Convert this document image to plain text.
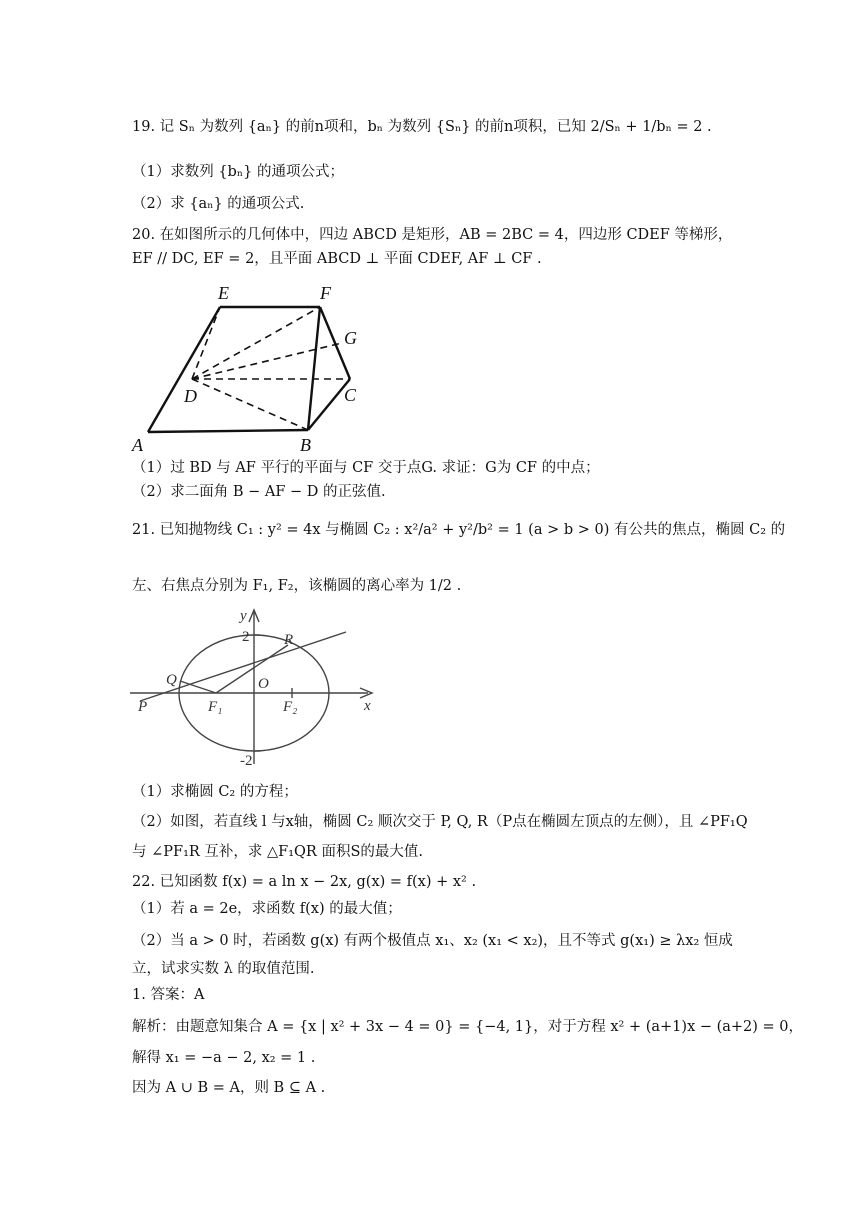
19. 记 Sₙ 为数列 {aₙ} 的前n项和，bₙ 为数列 {Sₙ} 的前n项积，已知 2/Sₙ + 1/bₙ = 2 .
（1）求数列 {bₙ} 的通项公式；
（2）求 {aₙ} 的通项公式.
20. 在如图所示的几何体中，四边 ABCD 是矩形，AB = 2BC = 4，四边形 CDEF 等梯形，
EF // DC, EF = 2，且平面 ABCD ⊥ 平面 CDEF, AF ⊥ CF .
E	F
G
D	C
A	B
（1）过 BD 与 AF 平行的平面与 CF 交于点G. 求证：G为 CF 的中点；
（2）求二面角 B − AF − D 的正弦值.
21. 已知抛物线 C₁ : y² = 4x 与椭圆 C₂ : x²/a² + y²/b² = 1 (a > b > 0) 有公共的焦点，椭圆 C₂ 的
左、右焦点分别为 F₁, F₂，该椭圆的离心率为 1/2 .
y
x
2
-2
O
P
Q
R
F₁	F₂
（1）求椭圆 C₂ 的方程；
（2）如图，若直线 l 与x轴，椭圆 C₂ 顺次交于 P, Q, R（P点在椭圆左顶点的左侧），且 ∠PF₁Q
与 ∠PF₁R 互补，求 △F₁QR 面积S的最大值.
22. 已知函数 f(x) = a ln x − 2x, g(x) = f(x) + x² .
（1）若 a = 2e，求函数 f(x) 的最大值；
（2）当 a > 0 时，若函数 g(x) 有两个极值点 x₁、x₂ (x₁ < x₂)，且不等式 g(x₁) ≥ λx₂ 恒成
立，试求实数 λ 的取值范围.
1. 答案：A
解析：由题意知集合 A = {x | x² + 3x − 4 = 0} = {−4, 1}，对于方程 x² + (a+1)x − (a+2) = 0，
解得 x₁ = −a − 2, x₂ = 1 .
因为 A ∪ B = A，则 B ⊆ A .
